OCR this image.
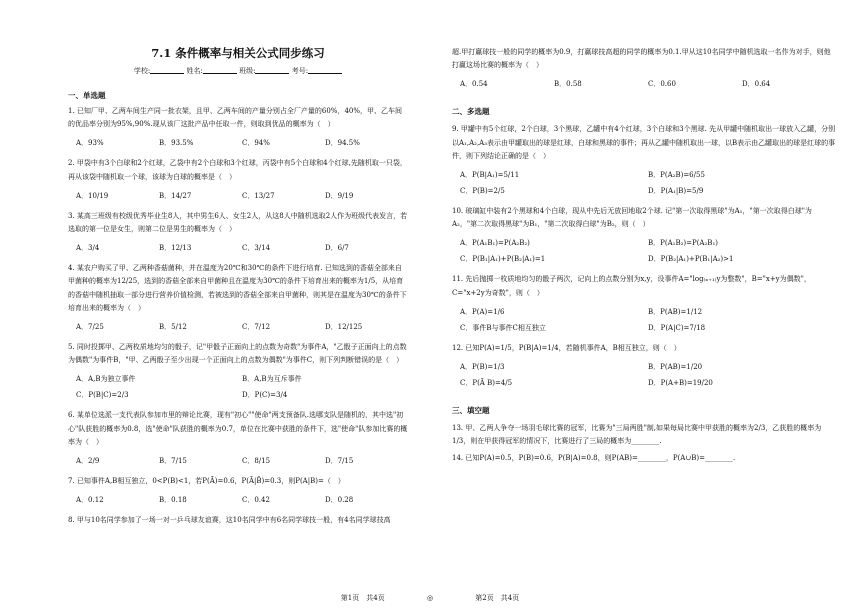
7.1 条件概率与相关公式同步练习
学校:	姓名:	班级:	考号:
一、单选题
1. 已知厂甲、乙两车间生产同一批衣架，且甲、乙两车间的产量分别占全厂产量的60%，40%，甲、乙车间的优品率分别为95%,90%.现从该厂这批产品中任取一件，则取到优品的概率为（　）
A．93%	B．93.5%	C．94%	D．94.5%
2. 甲袋中有3个白球和2个红球，乙袋中有2个白球和3个红球，丙袋中有5个白球和4个红球,先随机取一只袋，再从该袋中随机取一个球，该球为白球的概率是（　）
A．10/19	B．14/27	C．13/27	D．9/19
3. 某高三班级有校级优秀毕业生8人，其中男生6人、女生2人，从这8人中随机选取2人作为班级代表发言，若选取的第一位是女生，则第二位是男生的概率为（　）
A．3/4	B．12/13	C．3/14	D．6/7
4. 某农户购买了甲、乙两种香菇菌种，并在温度为20℃和30℃的条件下进行培育. 已知选到的香菇全部来自甲菌种的概率为12/25，选到的香菇全部来自甲菌种且在温度为30℃的条件下培育出来的概率为1/5，从培育的香菇中随机抽取一部分进行营养价值检测，若被选到的香菇全部来自甲菌种，则其是在温度为30℃的条件下培育出来的概率为（　）
A．7/25	B．5/12	C．7/12	D．12/125
5. 同时投掷甲、乙两枚质地均匀的骰子，记"甲骰子正面向上的点数为奇数"为事件A，"乙骰子正面向上的点数为偶数"为事件B，"甲、乙两骰子至少出现一个正面向上的点数为偶数"为事件C，则下列判断错误的是（　）
A．A,B为独立事件	B．A,B为互斥事件
C．P(B|C)=2/3	D．P(C)=3/4
6. 某单位选派一支代表队参加市里的辩论比赛，现有"初心""使命"两支预备队.选哪支队是随机的，其中选"初心"队获胜的概率为0.8，选"使命"队获胜的概率为0.7，单位在比赛中获胜的条件下，选"使命"队参加比赛的概率为（　）
A．2/9	B．7/15	C．8/15	D．7/15
7. 已知事件A,B相互独立，0<P(B)<1，若P(Ā)=0.6，P(Ā|B̄)=0.3，则P(A|B)=（　）
A．0.12	B．0.18	C．0.42	D．0.28
8. 甲与10名同学参加了一场一对一乒乓球友谊赛，这10名同学中有6名同学球技一般，有4名同学球技高
超.甲打赢球技一般的同学的概率为0.9，打赢球技高超的同学的概率为0.1.甲从这10名同学中随机选取一名作为对手，则他打赢这场比赛的概率为（　）
A．0.54	B．0.58	C．0.60	D．0.64
二、多选题
9. 甲罐中有5个红球，2个白球，3个黑球，乙罐中有4个红球，3个白球和3个黑球. 先从甲罐中随机取出一球放入乙罐，分别以A₁,A₂,A₃表示由甲罐取出的球是红球，白球和黑球的事件；再从乙罐中随机取出一球，以B表示由乙罐取出的球是红球的事件，则下列结论正确的是（　）
A．P(B|A₁)=5/11	B．P(A₂B)=6/55
C．P(B)=2/5	D．P(A₁|B)=5/9
10. 玻璃缸中装有2个黑球和4个白球，现从中先后无放回地取2个球. 记"第一次取得黑球"为A₁，"第一次取得白球"为A₂，"第二次取得黑球"为B₁，"第二次取得白球"为B₂，则（　）
A．P(A₁B₁)=P(A₂B₂)	B．P(A₁B₂)=P(A₂B₁)
C．P(B₁|A₁)+P(B₂|A₁)=1	D．P(B₂|A₁)+P(B₁|A₂)>1
11. 先后抛掷一枚质地均匀的骰子两次，记向上的点数分别为x,y，设事件A="log₍ₓ₊₁₎y为整数"，B="x+y为偶数"，C="x+2y为奇数"，则（　）
A．P(A)=1/6	B．P(AB)=1/12
C．事件B与事件C相互独立	D．P(A|C)=7/18
12. 已知P(A)=1/5，P(B|A)=1/4，若随机事件A，B相互独立，则（　）
A．P(B)=1/3	B．P(AB)=1/20
C．P(Ā B)=4/5	D．P(A+B)=19/20
三、填空题
13. 甲、乙两人争夺一场羽毛球比赛的冠军，比赛为"三局两胜"制,如果每局比赛中甲获胜的概率为2/3，乙获胜的概率为1/3，则在甲获得冠军的情况下，比赛进行了三局的概率为________.
14. 已知P(A)=0.5，P(B)=0.6，P(B|A)=0.8，则P(AB)=________，P(A∪B)=________.
第1页　共4页	◎	第2页　共4页
